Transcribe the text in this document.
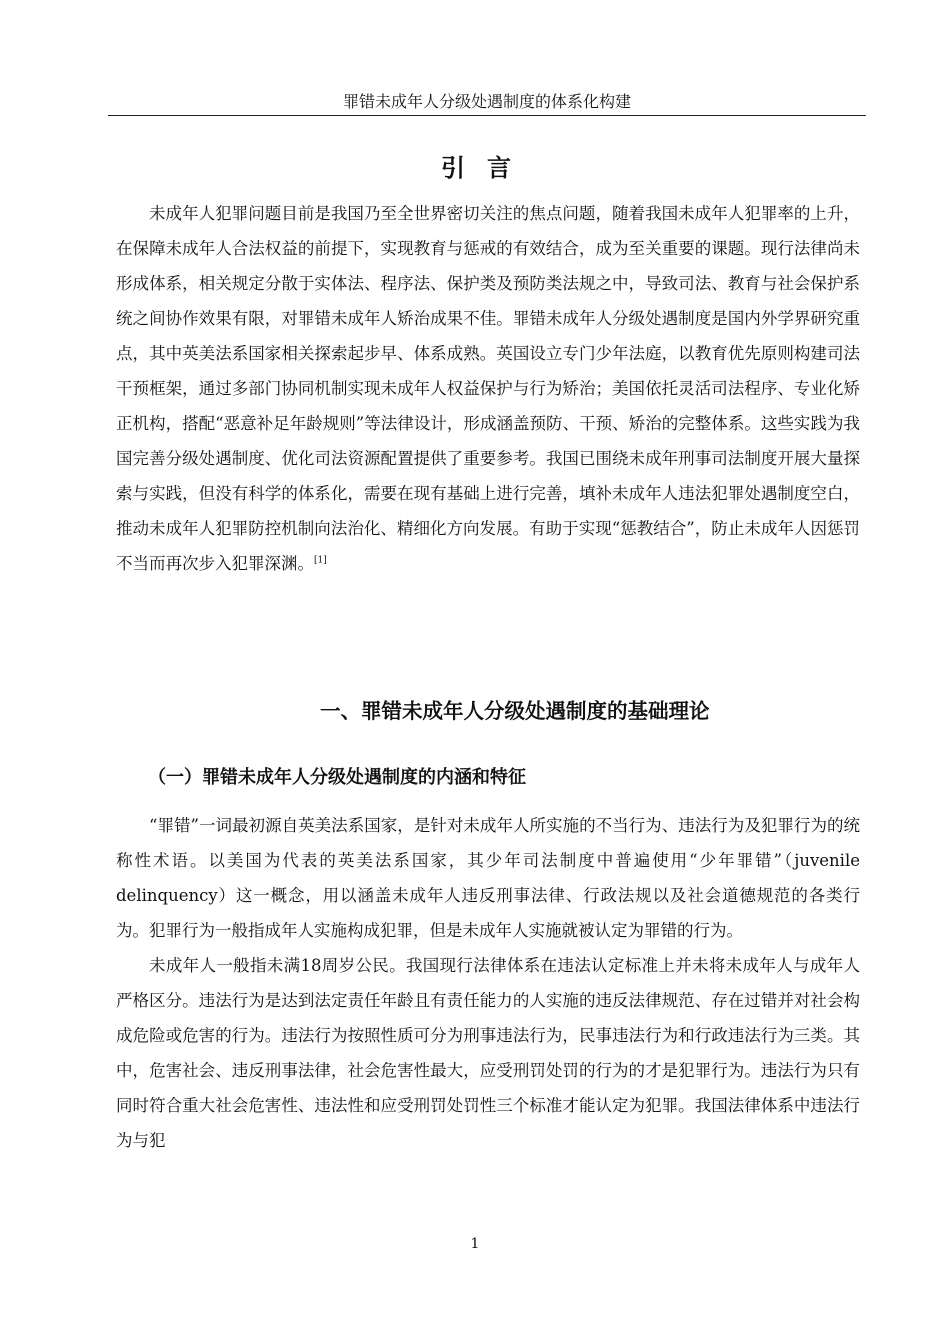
罪错未成年人分级处遇制度的体系化构建
引言

未成年人犯罪问题目前是我国乃至全世界密切关注的焦点问题，随着我国未成年人犯罪率的上升，在保障未成年人合法权益的前提下，实现教育与惩戒的有效结合，成为至关重要的课题。现行法律尚未形成体系，相关规定分散于实体法、程序法、保护类及预防类法规之中，导致司法、教育与社会保护系统之间协作效果有限，对罪错未成年人矫治成果不佳。罪错未成年人分级处遇制度是国内外学界研究重点，其中英美法系国家相关探索起步早、体系成熟。英国设立专门少年法庭，以教育优先原则构建司法干预框架，通过多部门协同机制实现未成年人权益保护与行为矫治；美国依托灵活司法程序、专业化矫正机构，搭配“恶意补足年龄规则”等法律设计，形成涵盖预防、干预、矫治的完整体系。这些实践为我国完善分级处遇制度、优化司法资源配置提供了重要参考。我国已围绕未成年刑事司法制度开展大量探索与实践，但没有科学的体系化，需要在现有基础上进行完善，填补未成年人违法犯罪处遇制度空白，推动未成年人犯罪防控机制向法治化、精细化方向发展。有助于实现“惩教结合”，防止未成年人因惩罚不当而再次步入犯罪深渊。[1]

一、罪错未成年人分级处遇制度的基础理论
（一）罪错未成年人分级处遇制度的内涵和特征

“罪错”一词最初源自英美法系国家，是针对未成年人所实施的不当行为、违法行为及犯罪行为的统称性术语。以美国为代表的英美法系国家，其少年司法制度中普遍使用“少年罪错”（juvenile delinquency）这一概念，用以涵盖未成年人违反刑事法律、行政法规以及社会道德规范的各类行为。犯罪行为一般指成年人实施构成犯罪，但是未成年人实施就被认定为罪错的行为。

未成年人一般指未满18周岁公民。我国现行法律体系在违法认定标准上并未将未成年人与成年人严格区分。违法行为是达到法定责任年龄且有责任能力的人实施的违反法律规范、存在过错并对社会构成危险或危害的行为。违法行为按照性质可分为刑事违法行为，民事违法行为和行政违法行为三类。其中，危害社会、违反刑事法律，社会危害性最大，应受刑罚处罚的行为的才是犯罪行为。违法行为只有同时符合重大社会危害性、违法性和应受刑罚处罚性三个标准才能认定为犯罪。我国法律体系中违法行为与犯

1
